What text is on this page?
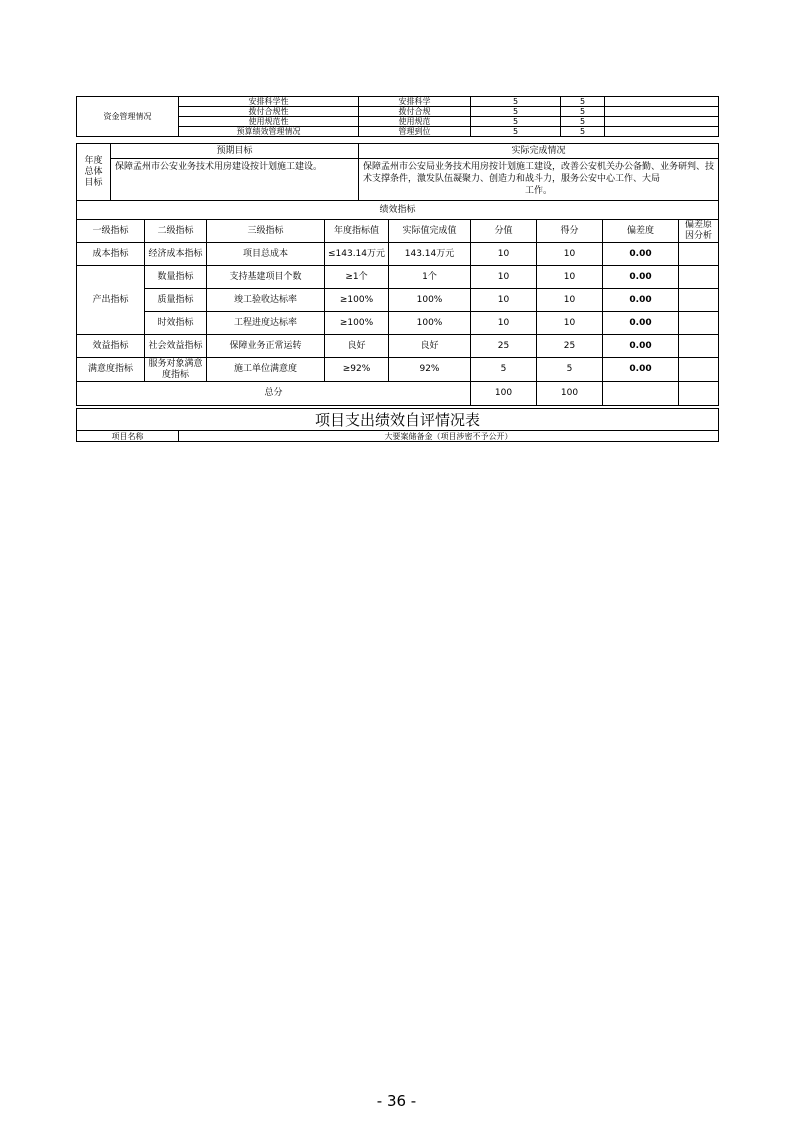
资金管理情况	安排科学性	安排科学	5	5	
	拨付合规性	拨付合规	5	5	
	使用规范性	使用规范	5	5	
	预算绩效管理情况	管理到位	5	5	
年度总体目标	预期目标	实际完成情况
	保障孟州市公安业务技术用房建设按计划施工建设。	保障孟州市公安局业务技术用房按计划施工建设，改善公安机关办公备勤、业务研判、技术支撑条件，激发队伍凝聚力、创造力和战斗力，服务公安中心工作、大局
工作。
绩效指标								
一级指标	二级指标	三级指标	年度指标值	实际值完成值	分值	得分	偏差度	偏差原因分析
成本指标	经济成本指标	项目总成本	≤143.14万元	143.14万元	10	10	0.00	
产出指标	数量指标	支持基建项目个数	≥1个	1个	10	10	0.00	
	质量指标	竣工验收达标率	≥100%	100%	10	10	0.00	
	时效指标	工程进度达标率	≥100%	100%	10	10	0.00	
效益指标	社会效益指标	保障业务正常运转	良好	良好	25	25	0.00	
满意度指标	服务对象满意度指标	施工单位满意度	≥92%	92%	5	5	0.00	
总分					100	100		
项目支出绩效自评情况表
项目名称	大要案储备金（项目涉密不予公开）
- 36 -
